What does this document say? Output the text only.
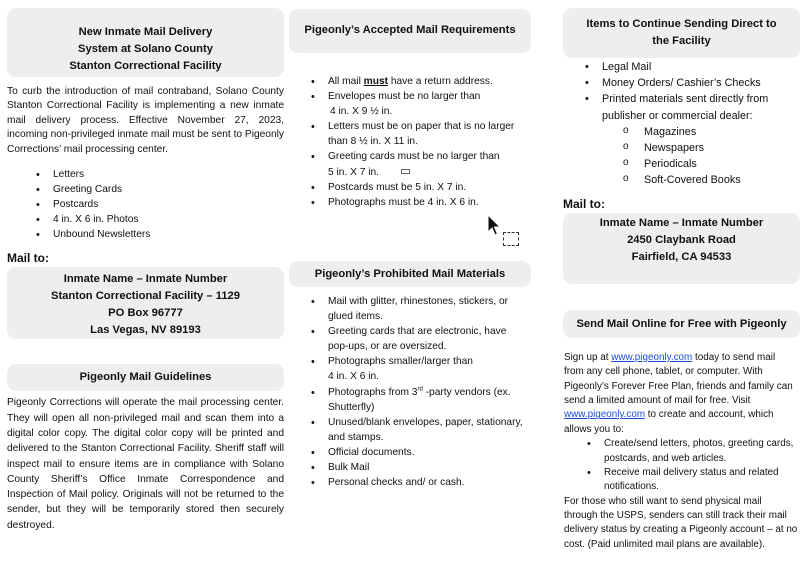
New Inmate Mail Delivery
System at Solano County
Stanton Correctional Facility
To curb the introduction of mail contraband, Solano County Stanton Correctional Facility is implementing a new inmate mail delivery process. Effective November 27, 2023, incoming non-privileged inmate mail must be sent to Pigeonly Corrections’ mail processing center.
• Letters
• Greeting Cards
• Postcards
• 4 in. X 6 in. Photos
• Unbound Newsletters
Mail to:
Inmate Name – Inmate Number
Stanton Correctional Facility – 1129
PO Box 96777
Las Vegas, NV 89193
Pigeonly Mail Guidelines
Pigeonly Corrections will operate the mail processing center. They will open all non-privileged mail and scan them into a digital color copy. The digital color copy will be printed and delivered to the Stanton Correctional Facility. Sheriff staff will inspect mail to ensure items are in compliance with Solano County Sheriff’s Office Inmate Correspondence and Inspection of Mail policy. Originals will not be returned to the sender, but they will be temporarily stored then securely destroyed.
Pigeonly’s Accepted Mail Requirements
• All mail must have a return address.
• Envelopes must be no larger than
4 in. X 9 ½ in.
• Letters must be on paper that is no larger
than 8 ½ in. X 11 in.
• Greeting cards must be no larger than
5 in. X 7 in.
• Postcards must be 5 in. X 7 in.
• Photographs must be 4 in. X 6 in.
Pigeonly’s Prohibited Mail Materials
• Mail with glitter, rhinestones, stickers, or
glued items.
• Greeting cards that are electronic, have
pop-ups, or are oversized.
• Photographs smaller/larger than
4 in. X 6 in.
• Photographs from 3rd -party vendors (ex.
Shutterfly)
• Unused/blank envelopes, paper, stationary,
and stamps.
• Official documents.
• Bulk Mail
• Personal checks and/ or cash.
Items to Continue Sending Direct to
the Facility
• Legal Mail
• Money Orders/ Cashier’s Checks
• Printed materials sent directly from
publisher or commercial dealer:
o Magazines
o Newspapers
o Periodicals
o Soft-Covered Books
Mail to:
Inmate Name – Inmate Number
2450 Claybank Road
Fairfield, CA 94533
Send Mail Online for Free with Pigeonly
Sign up at www.pigeonly.com today to send mail
from any cell phone, tablet, or computer. With
Pigeonly’s Forever Free Plan, friends and family can
send a limited amount of mail for free. Visit
www.pigeonly.com to create and account, which
allows you to:
• Create/send letters, photos, greeting cards,
postcards, and web articles.
• Receive mail delivery status and related
notifications.
For those who still want to send physical mail
through the USPS, senders can still track their mail
delivery status by creating a Pigeonly account – at no
cost. (Paid unlimited mail plans are available).
